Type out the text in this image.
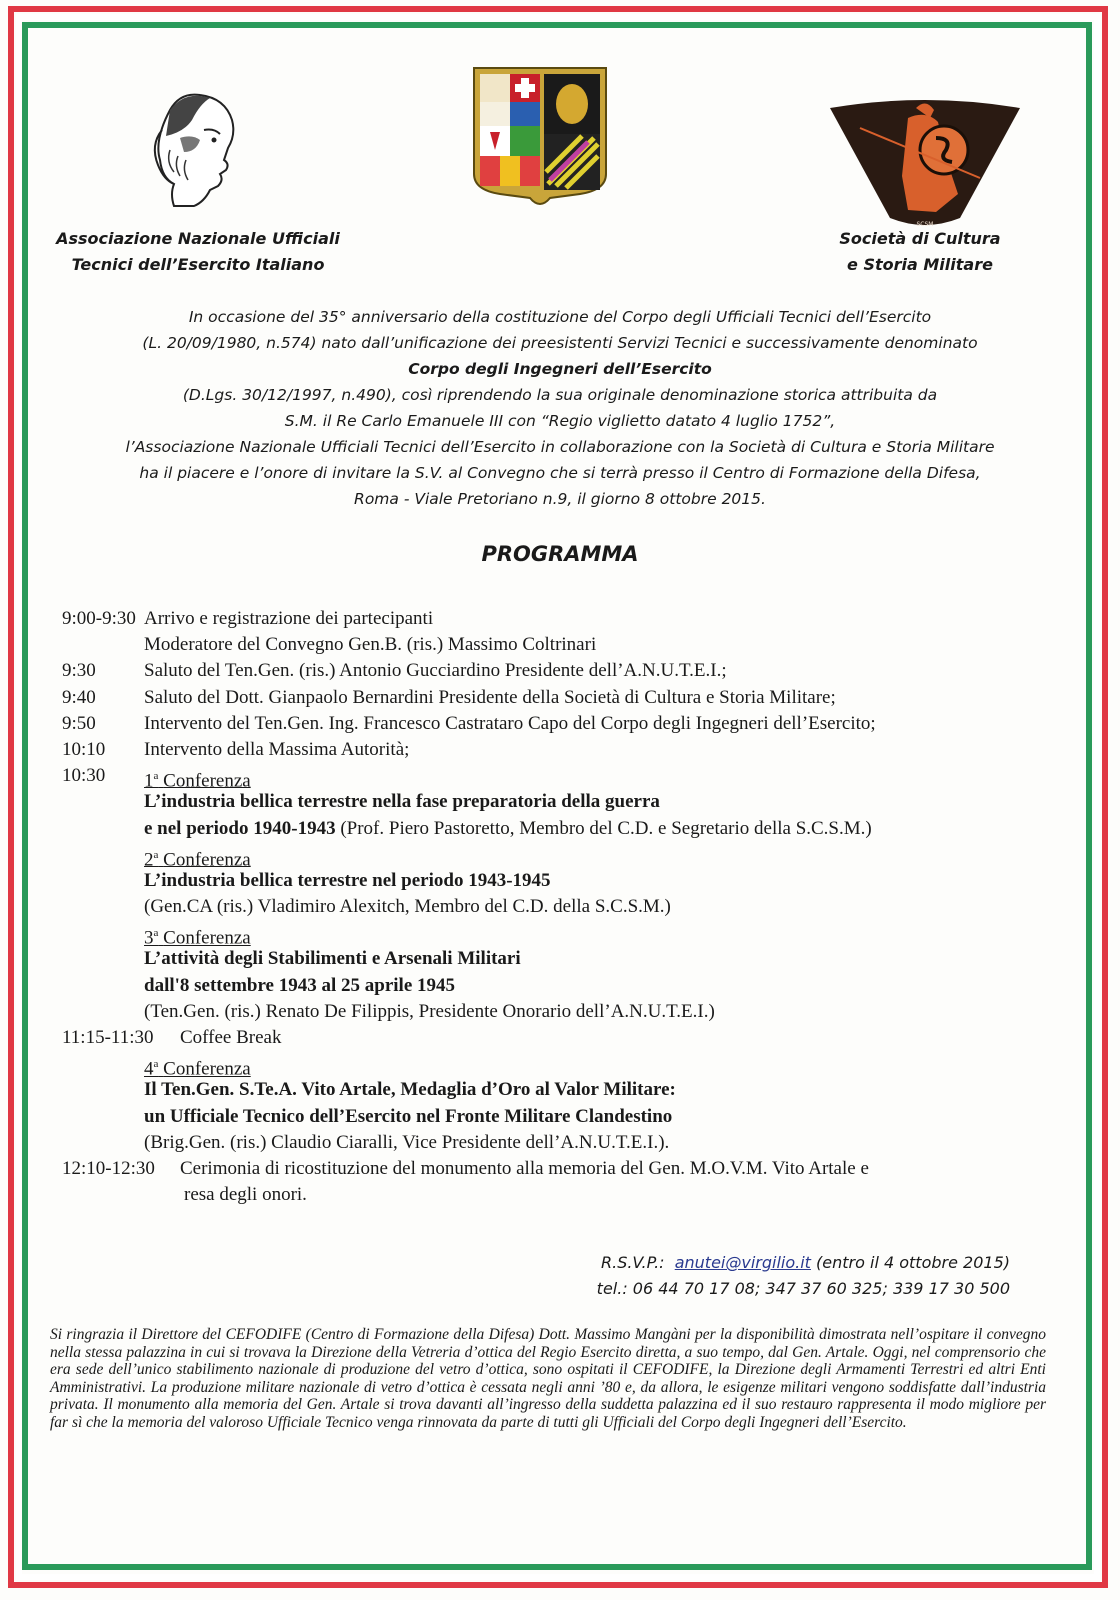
SCSM
Associazione Nazionale Ufficiali
Tecnici dell’Esercito Italiano
Società di Cultura
e Storia Militare
In occasione del 35° anniversario della costituzione del Corpo degli Ufficiali Tecnici dell’Esercito
(L. 20/09/1980, n.574) nato dall’unificazione dei preesistenti Servizi Tecnici e successivamente denominato
Corpo degli Ingegneri dell’Esercito
(D.Lgs. 30/12/1997, n.490), così riprendendo la sua originale denominazione storica attribuita da
S.M. il Re Carlo Emanuele III con “Regio viglietto datato 4 luglio 1752”,
l’Associazione Nazionale Ufficiali Tecnici dell’Esercito in collaborazione con la Società di Cultura e Storia Militare
ha il piacere e l’onore di invitare la S.V. al Convegno che si terrà presso il Centro di Formazione della Difesa,
Roma - Viale Pretoriano n.9, il giorno 8 ottobre 2015.
PROGRAMMA
9:00-9:30 Arrivo e registrazione dei partecipanti
Moderatore del Convegno Gen.B. (ris.) Massimo Coltrinari
9:30	Saluto del Ten.Gen. (ris.) Antonio Gucciardino Presidente dell’A.N.U.T.E.I.;
9:40	Saluto del Dott. Gianpaolo Bernardini Presidente della Società di Cultura e Storia Militare;
9:50	Intervento del Ten.Gen. Ing. Francesco Castrataro Capo del Corpo degli Ingegneri dell’Esercito;
10:10 Intervento della Massima Autorità;
10:30 1$^a$ Conferenza
L’industria bellica terrestre nella fase preparatoria della guerra
e nel periodo 1940-1943 (Prof. Piero Pastoretto, Membro del C.D. e Segretario della S.C.S.M.)
2$^a$ Conferenza
L’industria bellica terrestre nel periodo 1943-1945
(Gen.CA (ris.) Vladimiro Alexitch, Membro del C.D. della S.C.S.M.)
3$^a$ Conferenza
L’attività degli Stabilimenti e Arsenali Militari
dall'8 settembre 1943 al 25 aprile 1945
(Ten.Gen. (ris.) Renato De Filippis, Presidente Onorario dell’A.N.U.T.E.I.)
11:15-11:30 Coffee Break
4$^a$ Conferenza
Il Ten.Gen. S.Te.A. Vito Artale, Medaglia d’Oro al Valor Militare:
un Ufficiale Tecnico dell’Esercito nel Fronte Militare Clandestino
(Brig.Gen. (ris.) Claudio Ciaralli, Vice Presidente dell’A.N.U.T.E.I.).
12:10-12:30 Cerimonia di ricostituzione del monumento alla memoria del Gen. M.O.V.M. Vito Artale e
resa degli onori.
R.S.V.P.: anutei@virgilio.it (entro il 4 ottobre 2015)
tel.: 06 44 70 17 08; 347 37 60 325; 339 17 30 500
Si ringrazia il Direttore del CEFODIFE (Centro di Formazione della Difesa) Dott. Massimo Mangàni per la disponibilità dimostrata nell’ospitare il convegno nella stessa palazzina in cui si trovava la Direzione della Vetreria d’ottica del Regio Esercito diretta, a suo tempo, dal Gen. Artale. Oggi, nel comprensorio che era sede dell’unico stabilimento nazionale di produzione del vetro d’ottica, sono ospitati il CEFODIFE, la Direzione degli Armamenti Terrestri ed altri Enti Amministrativi. La produzione militare nazionale di vetro d’ottica è cessata negli anni ’80 e, da allora, le esigenze militari vengono soddisfatte dall’industria privata. Il monumento alla memoria del Gen. Artale si trova davanti all’ingresso della suddetta palazzina ed il suo restauro rappresenta il modo migliore per far sì che la memoria del valoroso Ufficiale Tecnico venga rinnovata da parte di tutti gli Ufficiali del Corpo degli Ingegneri dell’Esercito.
